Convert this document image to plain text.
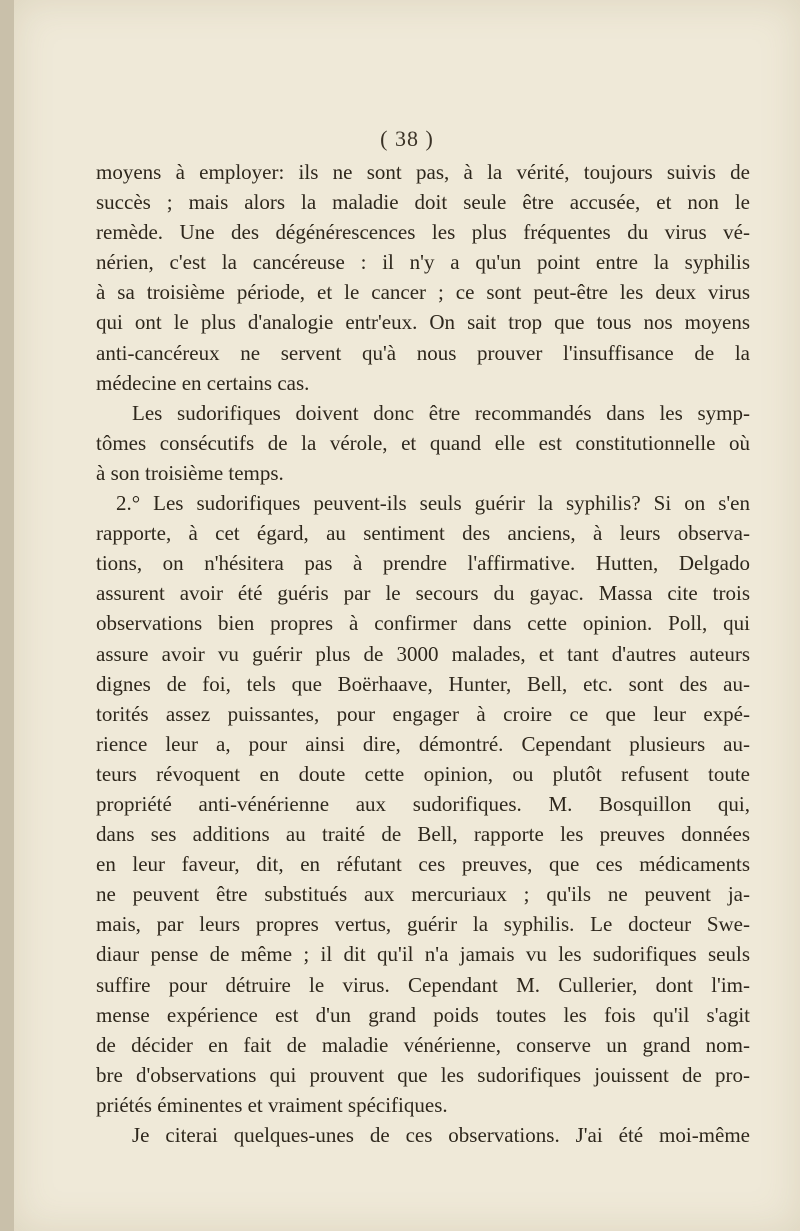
( 38 )
moyens à employer: ils ne sont pas, à la vérité, toujours suivis de
succès ; mais alors la maladie doit seule être accusée, et non le
remède. Une des dégénérescences les plus fréquentes du virus vé-
nérien, c'est la cancéreuse : il n'y a qu'un point entre la syphilis
à sa troisième période, et le cancer ; ce sont peut-être les deux virus
qui ont le plus d'analogie entr'eux. On sait trop que tous nos moyens
anti-cancéreux ne servent qu'à nous prouver l'insuffisance de la
médecine en certains cas.
Les sudorifiques doivent donc être recommandés dans les symp-
tômes consécutifs de la vérole, et quand elle est constitutionnelle où
à son troisième temps.
2.° Les sudorifiques peuvent-ils seuls guérir la syphilis? Si on s'en
rapporte, à cet égard, au sentiment des anciens, à leurs observa-
tions, on n'hésitera pas à prendre l'affirmative. Hutten, Delgado
assurent avoir été guéris par le secours du gayac. Massa cite trois
observations bien propres à confirmer dans cette opinion. Poll, qui
assure avoir vu guérir plus de 3000 malades, et tant d'autres auteurs
dignes de foi, tels que Boërhaave, Hunter, Bell, etc. sont des au-
torités assez puissantes, pour engager à croire ce que leur expé-
rience leur a, pour ainsi dire, démontré. Cependant plusieurs au-
teurs révoquent en doute cette opinion, ou plutôt refusent toute
propriété anti-vénérienne aux sudorifiques. M. Bosquillon qui,
dans ses additions au traité de Bell, rapporte les preuves données
en leur faveur, dit, en réfutant ces preuves, que ces médicaments
ne peuvent être substitués aux mercuriaux ; qu'ils ne peuvent ja-
mais, par leurs propres vertus, guérir la syphilis. Le docteur Swe-
diaur pense de même ; il dit qu'il n'a jamais vu les sudorifiques seuls
suffire pour détruire le virus. Cependant M. Cullerier, dont l'im-
mense expérience est d'un grand poids toutes les fois qu'il s'agit
de décider en fait de maladie vénérienne, conserve un grand nom-
bre d'observations qui prouvent que les sudorifiques jouissent de pro-
priétés éminentes et vraiment spécifiques.
Je citerai quelques-unes de ces observations. J'ai été moi-même
